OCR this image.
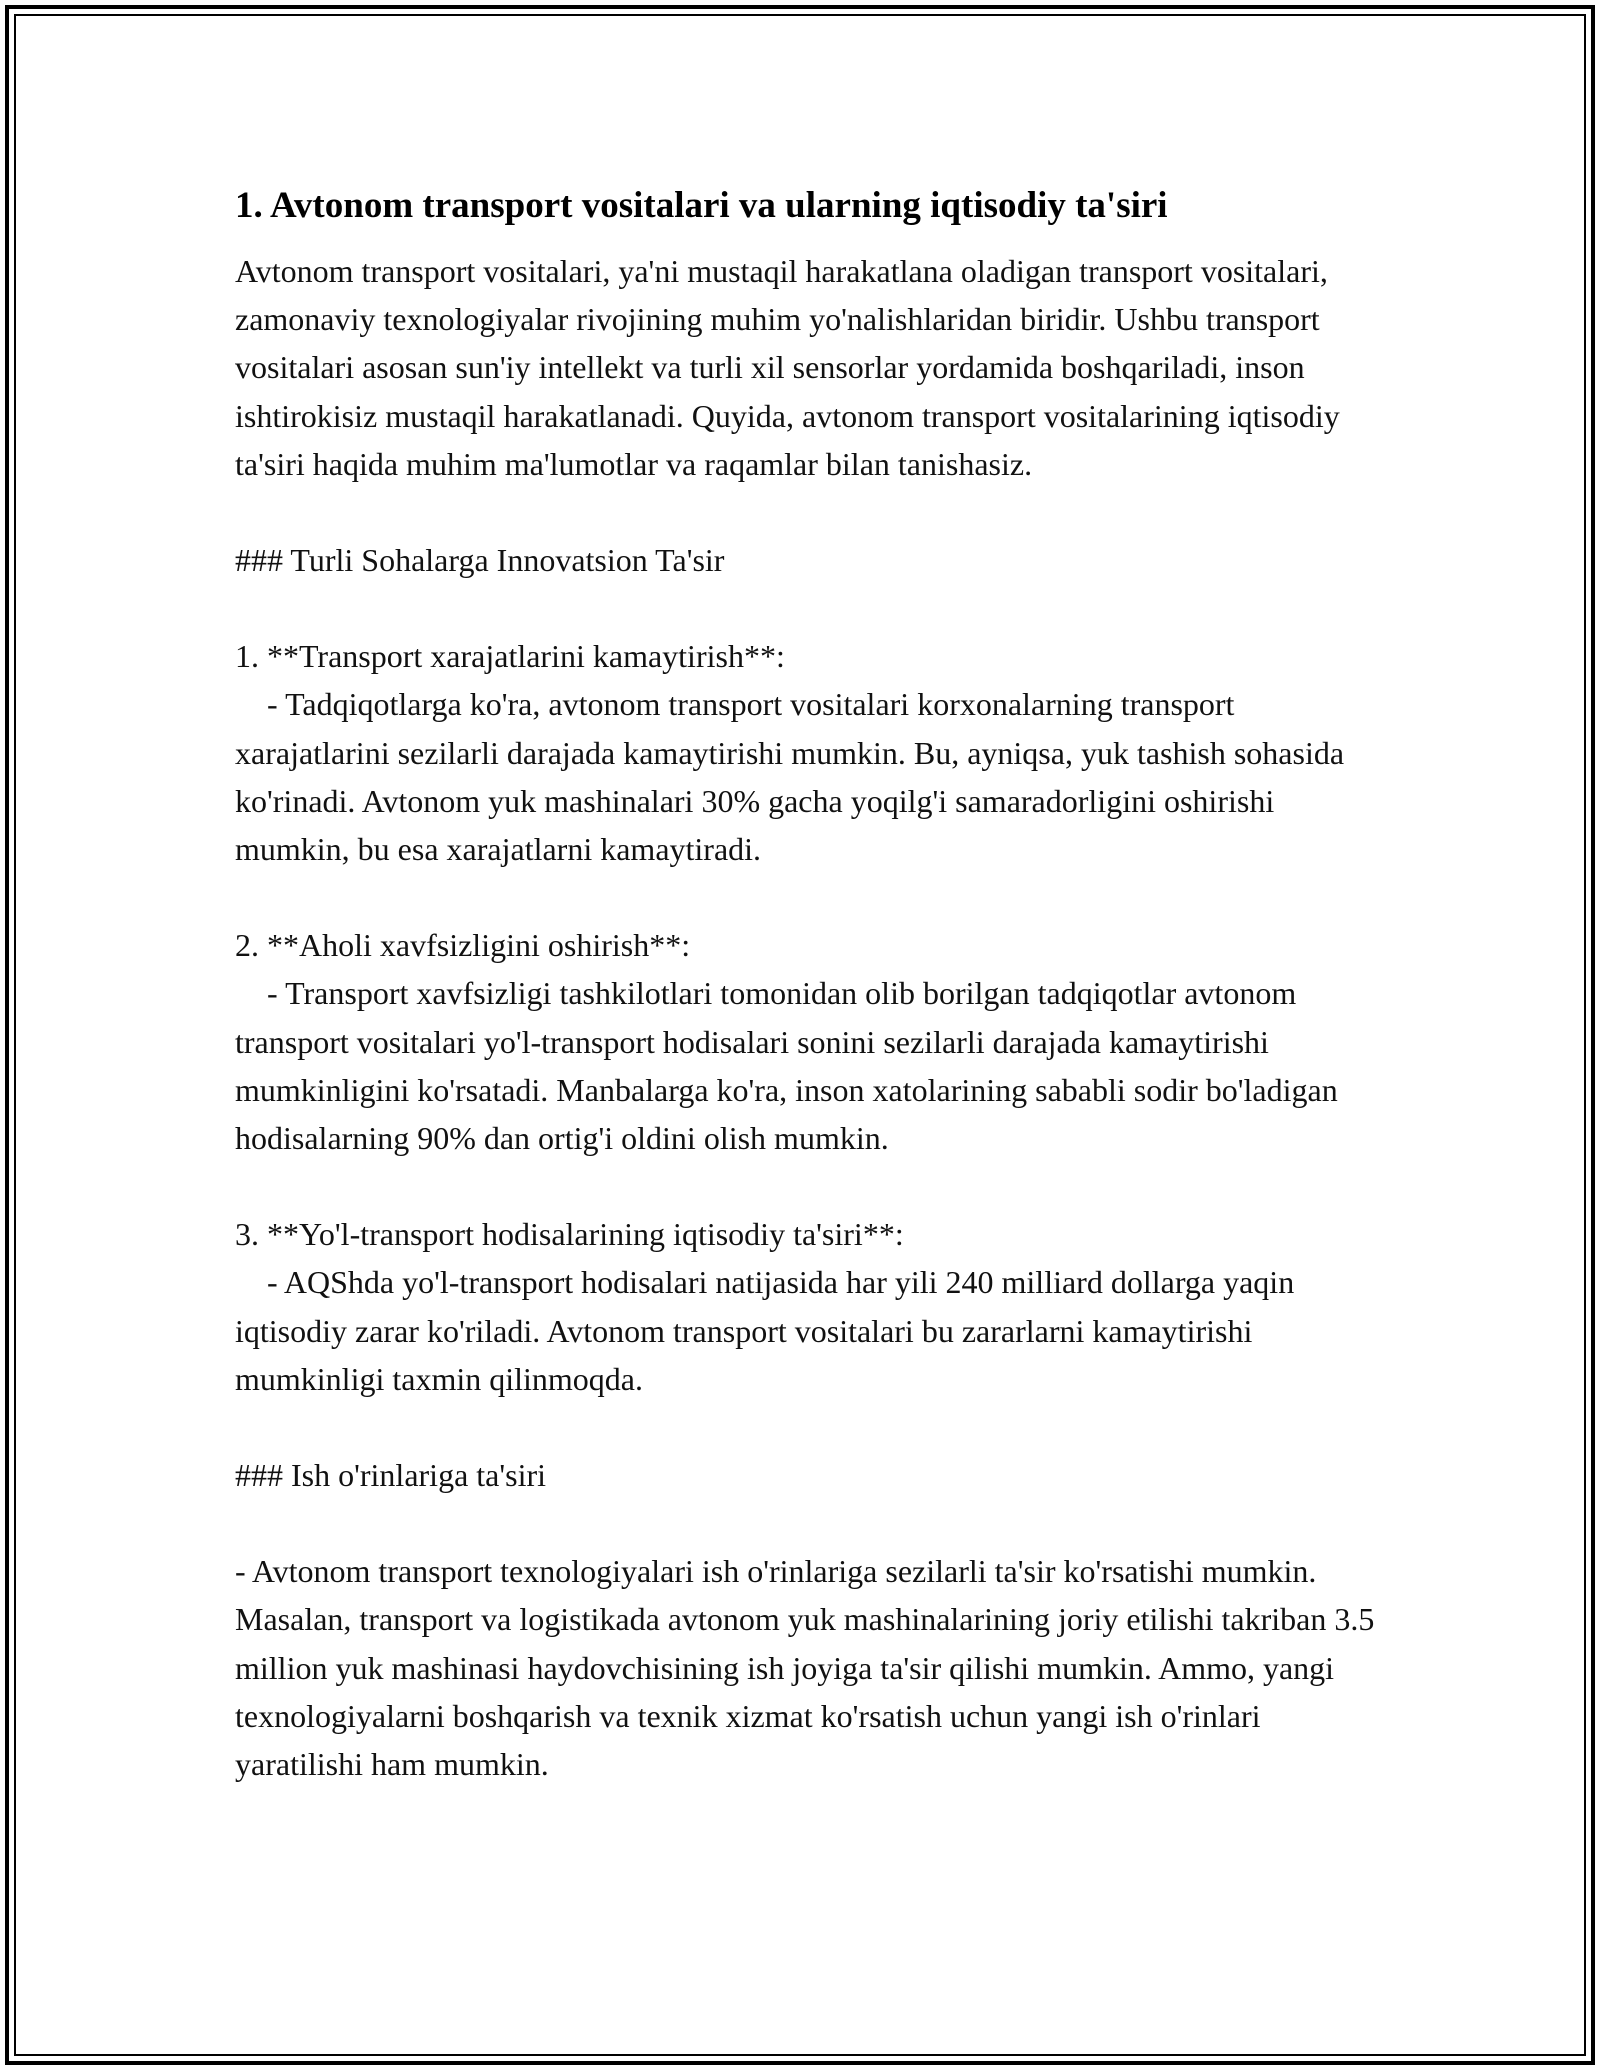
1. Avtonom transport vositalari va ularning iqtisodiy ta'siri

Avtonom transport vositalari, ya'ni mustaqil harakatlana oladigan transport vositalari, zamonaviy texnologiyalar rivojining muhim yo'nalishlaridan biridir. Ushbu transport vositalari asosan sun'iy intellekt va turli xil sensorlar yordamida boshqariladi, inson ishtirokisiz mustaqil harakatlanadi. Quyida, avtonom transport vositalarining iqtisodiy ta'siri haqida muhim ma'lumotlar va raqamlar bilan tanishasiz.

### Turli Sohalarga Innovatsion Ta'sir

1. **Transport xarajatlarini kamaytirish**:
- Tadqiqotlarga ko'ra, avtonom transport vositalari korxonalarning transport xarajatlarini sezilarli darajada kamaytirishi mumkin. Bu, ayniqsa, yuk tashish sohasida ko'rinadi. Avtonom yuk mashinalari 30% gacha yoqilg'i samaradorligini oshirishi mumkin, bu esa xarajatlarni kamaytiradi.

2. **Aholi xavfsizligini oshirish**:
- Transport xavfsizligi tashkilotlari tomonidan olib borilgan tadqiqotlar avtonom transport vositalari yo'l-transport hodisalari sonini sezilarli darajada kamaytirishi mumkinligini ko'rsatadi. Manbalarga ko'ra, inson xatolarining sababli sodir bo'ladigan hodisalarning 90% dan ortig'i oldini olish mumkin.

3. **Yo'l-transport hodisalarining iqtisodiy ta'siri**:
- AQShda yo'l-transport hodisalari natijasida har yili 240 milliard dollarga yaqin iqtisodiy zarar ko'riladi. Avtonom transport vositalari bu zararlarni kamaytirishi mumkinligi taxmin qilinmoqda.

### Ish o'rinlariga ta'siri

- Avtonom transport texnologiyalari ish o'rinlariga sezilarli ta'sir ko'rsatishi mumkin. Masalan, transport va logistikada avtonom yuk mashinalarining joriy etilishi takriban 3.5 million yuk mashinasi haydovchisining ish joyiga ta'sir qilishi mumkin. Ammo, yangi texnologiyalarni boshqarish va texnik xizmat ko'rsatish uchun yangi ish o'rinlari yaratilishi ham mumkin.
